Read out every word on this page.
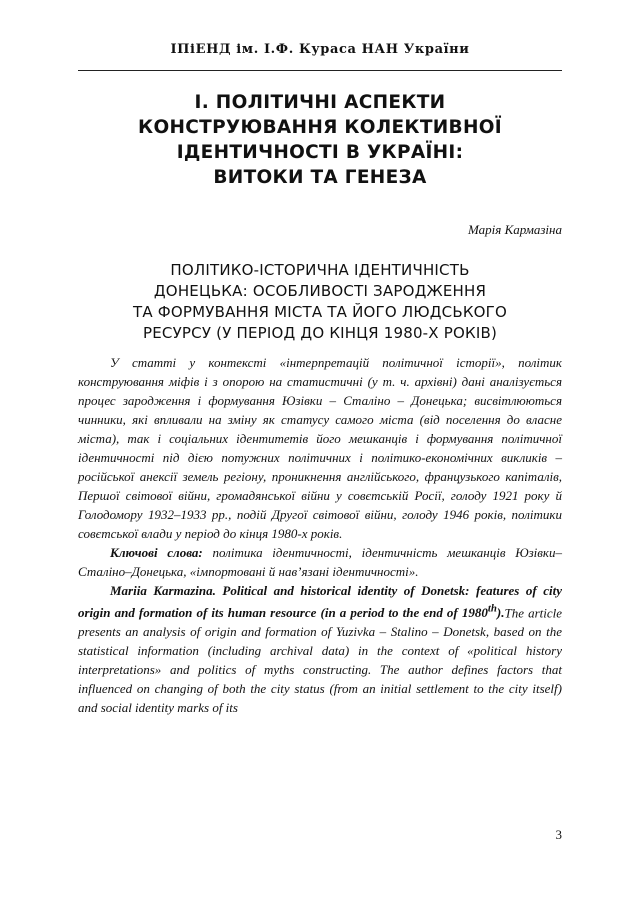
ІПіЕНД ім. І.Ф. Кураса НАН України
І. ПОЛІТИЧНІ АСПЕКТИ
КОНСТРУЮВАННЯ КОЛЕКТИВНОЇ
ІДЕНТИЧНОСТІ В УКРАЇНІ:
ВИТОКИ ТА ГЕНЕЗА
Марія Кармазіна
ПОЛІТИКО-ІСТОРИЧНА ІДЕНТИЧНІСТЬ
ДОНЕЦЬКА: ОСОБЛИВОСТІ ЗАРОДЖЕННЯ
ТА ФОРМУВАННЯ МІСТА ТА ЙОГО ЛЮДСЬКОГО
РЕСУРСУ (У ПЕРІОД ДО КІНЦЯ 1980-Х РОКІВ)

У статті у контексті «інтерпретацій політичної історії», політик конструювання міфів і з опорою на статистичні (у т. ч. архівні) дані аналізується процес зародження і формування Юзівки – Сталіно – Донецька; висвітлюються чинники, які впливали на зміну як статусу самого міста (від поселення до власне міста), так і соціальних ідентитетів його мешканців і формування політичної ідентичності під дією потужних політичних і політико-економічних викликів – російської анексії земель регіону, проникнення англійського, французького капіталів, Першої світової війни, громадянської війни у совєтській Росії, голоду 1921 року й Голодомору 1932–1933 рр., подій Другої світової війни, голоду 1946 років, політики совєтської влади у період до кінця 1980-х років.

Ключові слова: політика ідентичності, ідентичність мешканців Юзівки–Сталіно–Донецька, «імпортовані й нав’язані ідентичності».

Mariia Karmazina. Political and historical identity of Donetsk: features of city origin and formation of its human resource (in a period to the end of 1980th).The article presents an analysis of origin and formation of Yuzivka – Stalino – Donetsk, based on the statistical information (including archival data) in the context of «political history interpretations» and politics of myths constructing. The author defines factors that influenced on changing of both the city status (from an initial settlement to the city itself) and social identity marks of its

3
